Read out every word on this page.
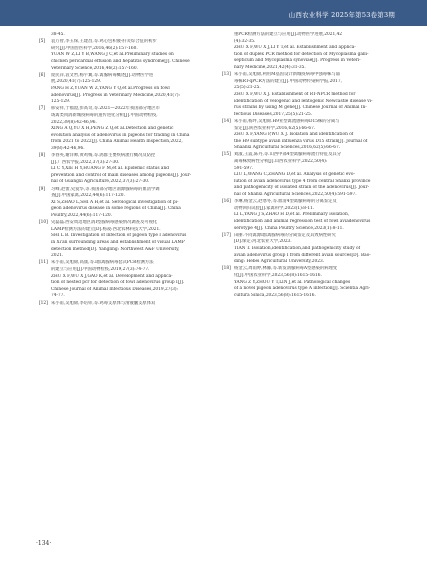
山西农业科学 2025年第53卷第3期
38-45.
[5] 袁万智,李玉保,王建昌,等.鸡心包积液-肝炎综合征的初步
研究[J].中国兽医科学,2016,46(2):157-160.
YUAN W Z,LI Y B,WANG J C,et al.Preliminary studies on
chicken pericardial effusion and hepatitis syndrome[J]. Chinese
Veterinary Science,2016,46(2):157-160.
[6] 庞民萍,袁文哲,杨宇翼,等.禽腺病毒概述[J].动物医学进
展,2020,41(7):125-129.
PANG H Z,YUAN W Z,YANG Y Q,et al.Progress on fowl
adenovirus[J]. Progress in Veterinary Medicine,2020,41(7):
125-129.
[7] 邢安祥,于福澄,彭高奇,等.2021—2022年我国部分地区市
场禽类肉鸽新城疫病毒的遗传进化分析[J].中国动物检疫,
2022,39(8):42-46,96.
XING A Q,YU X H,PENG Z Q,et al.Detection and genetic
evolution analysis of adenovirus in pigeons for trading in China
from 2021 to 2022[J]. China Animal Health Inspection,2022,
39(8):42-46,96.
[8] 李春英,谢洋帅,黄鸡梅,等.鸽群主要疾病流行概况及防控
[J].广西农学报,2022,37(3):27-30.
LI C Y,XIE H Y,HUANG F M,et al. Epidemic status and
prevention and control of main diseases among pigeons[J]. Jour-
nal of Guangxi Agriculture,2022,37(3):27-30.
[9] 习峰,赵蕾,史爱华,等.我国部分地区鸽源腺病毒的血清学调
查[J].中国家禽,2022,44(6):117-120.
XI S,ZHAO L,SHI A H,et al. Serological investigation of pi-
geon adenovirus disease in some regions of China[J]. China
Poultry,2022,44(6):117-120.
[10] 史磊磊.西安周边地区鸽Ⅰ型腺病毒感染情况调查及可视化
LAMP检测方法的建立[D].杨凌:西北农林科技大学,2021.
SHI L B. Investigation of infection of pigeon type I adenovirus
in Xi'an surrounding areas and establishment of visual LAMP
detection method[D]. Yangling: Northwest A&F University,
2021.
[11] 朱小甫,吴旭锦,高康,等.Ⅰ群禽腺病毒套式PCR检测方法
的建立与应用[J].中国动物检疫,2019,27(3):74-77.
ZHU X F,WU X J,GAO K,et al. Development and applica-
tion of nested pcr for detection of fowl adenovirus group Ⅰ[J].
Chinese Journal of Animal Infectious Diseases,2019,27(3):
74-77.
[12] 朱小甫,吴旭锦,李培卯,等.鸡毒支原体与滑液囊支原体双
重PCR检测方法的建立与应用[J].动物医学进展,2021,42
(4):32-35.
ZHU X F,WU X J,LI Y T,et al. Establishment and applica-
tion of duplex PCR method for detection of Mycoplasma galli-
septicum and Mycoplasma synoviae[J]. Progress in Veteri-
nary Medicine,2021,42(4):31-35.
[13] 朱小甫,吴旭锦,利用M基因设计新城疫病毒中强毒株与弱
毒株RT-qPCR方法的建立[J].中国动物传染病学报,2017,
25(5):21-25.
ZHU X F,WU X J. Establishment of RT-NPCR method for
identification of velogenic and lentogenic Newcastle disease vi-
rus strains by using M gene[J]. Chinese Journal of Animal In-
fectious Diseases,2017,25(5):21-25.
[14] 朱小甫,杨坪,吴旭锦.H9亚型禽流感病毒D15株的分离与
鉴定[J].陕西农业科学,2016,62(5):66-67.
ZHU X F,YANG P,WU X J. Isolation and identification of
the H9 subtype avian influenza virus D15 strain[J]. Journal of
Shaanxi Agricultural Sciences,2016,62(5):66-67.
[15] 刘淑,王震,陈丹,等.山西中部4型禽腺病毒流行特征及其分
离毒株致病性分析[J].山西农业科学,2022,50(4):
591-597.
LIU L,WANG C,ZHANG D,et al. Analysis of genetic evo-
lution of avian adenovirus type 4 from central Shanxi province
and pathogenicity of isolated strain of the adenovirus[J]. Jour-
nal of Shanxi Agricultural Sciences,2022,50(4):591-597.
[16] 李琳,杨金云,赵寒冬,等.血清4型禽腺病毒的分离鉴定及
动物回归试验[J].家禽科学,2023(1):8-11.
LI L,YANG J S,ZHAO H D,et al. Preliminary isolation,
identification and animal regression test of fowl aviadenovirus
serotype 4[J]. China Poultry Science,2023(1):8-11.
[17] 田丽.不同禽源Ⅰ群禽腺病毒的分离鉴定及其致病性研究
[D].保定:河北农业大学,2023.
TIAN T. Isolation,identification,and pathogenicity study of
avian adenovirus group Ⅰ from different avian sources[D]. Bao-
ding: Hebei Agricultural University,2023.
[18] 杨金云,周雨婷,林馨,等.新发鸽腺病毒A型感染的病理变
化[J].中国农业科学,2023,56(8):1615-1616.
YANG Z Y,ZHOU Y T,LIN J,et al. Pathological changes
of a novel pigeon adenovirus type A infection[J]. Scientia Agri-
cultura Sinica,2023,56(8):1615-1616.
·134·
